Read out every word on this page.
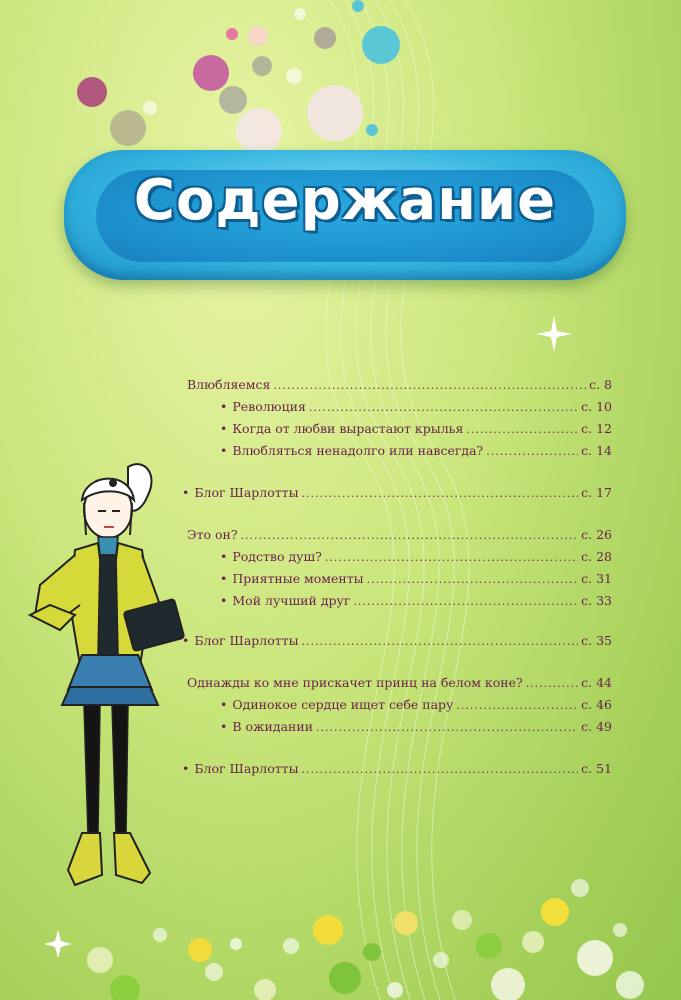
Содержание
Влюбляемся .....	с. 8
• Революция .....	с. 10
• Когда от любви вырастают крылья .....	с. 12
• Влюбляться ненадолго или навсегда? .....	с. 14
• Блог Шарлотты .....	с. 17
Это он? .....	с. 26
• Родство душ? .....	с. 28
• Приятные моменты .....	с. 31
• Мой лучший друг .....	с. 33
• Блог Шарлотты .....	с. 35
Однажды ко мне прискачет принц на белом коне? .....	с. 44
• Одинокое сердце ищет себе пару .....	с. 46
• В ожидании .....	с. 49
• Блог Шарлотты .....	с. 51
